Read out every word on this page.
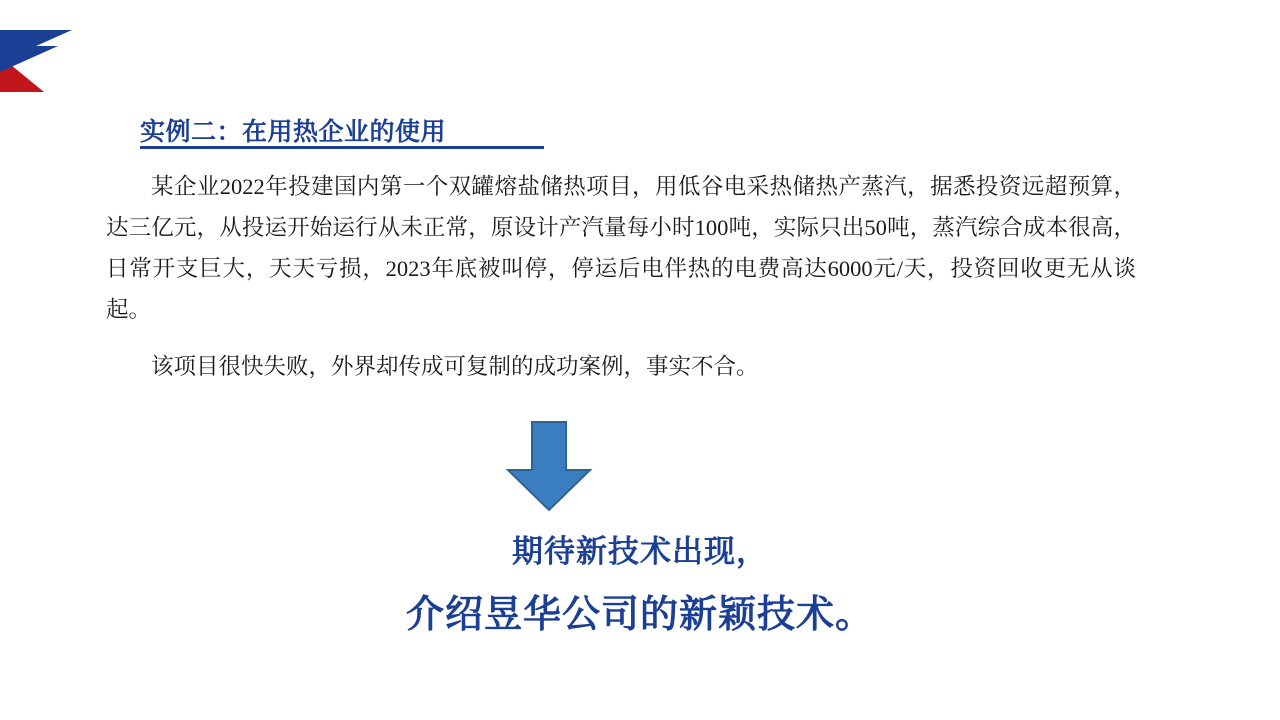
实例二：在用热企业的使用

某企业2022年投建国内第一个双罐熔盐储热项目，用低谷电采热储热产蒸汽，据悉投资远超预算，达三亿元，从投运开始运行从未正常，原设计产汽量每小时100吨，实际只出50吨，蒸汽综合成本很高，日常开支巨大，天天亏损，2023年底被叫停，停运后电伴热的电费高达6000元/天，投资回收更无从谈起。

该项目很快失败，外界却传成可复制的成功案例，事实不合。

期待新技术出现，
介绍昱华公司的新颖技术。
